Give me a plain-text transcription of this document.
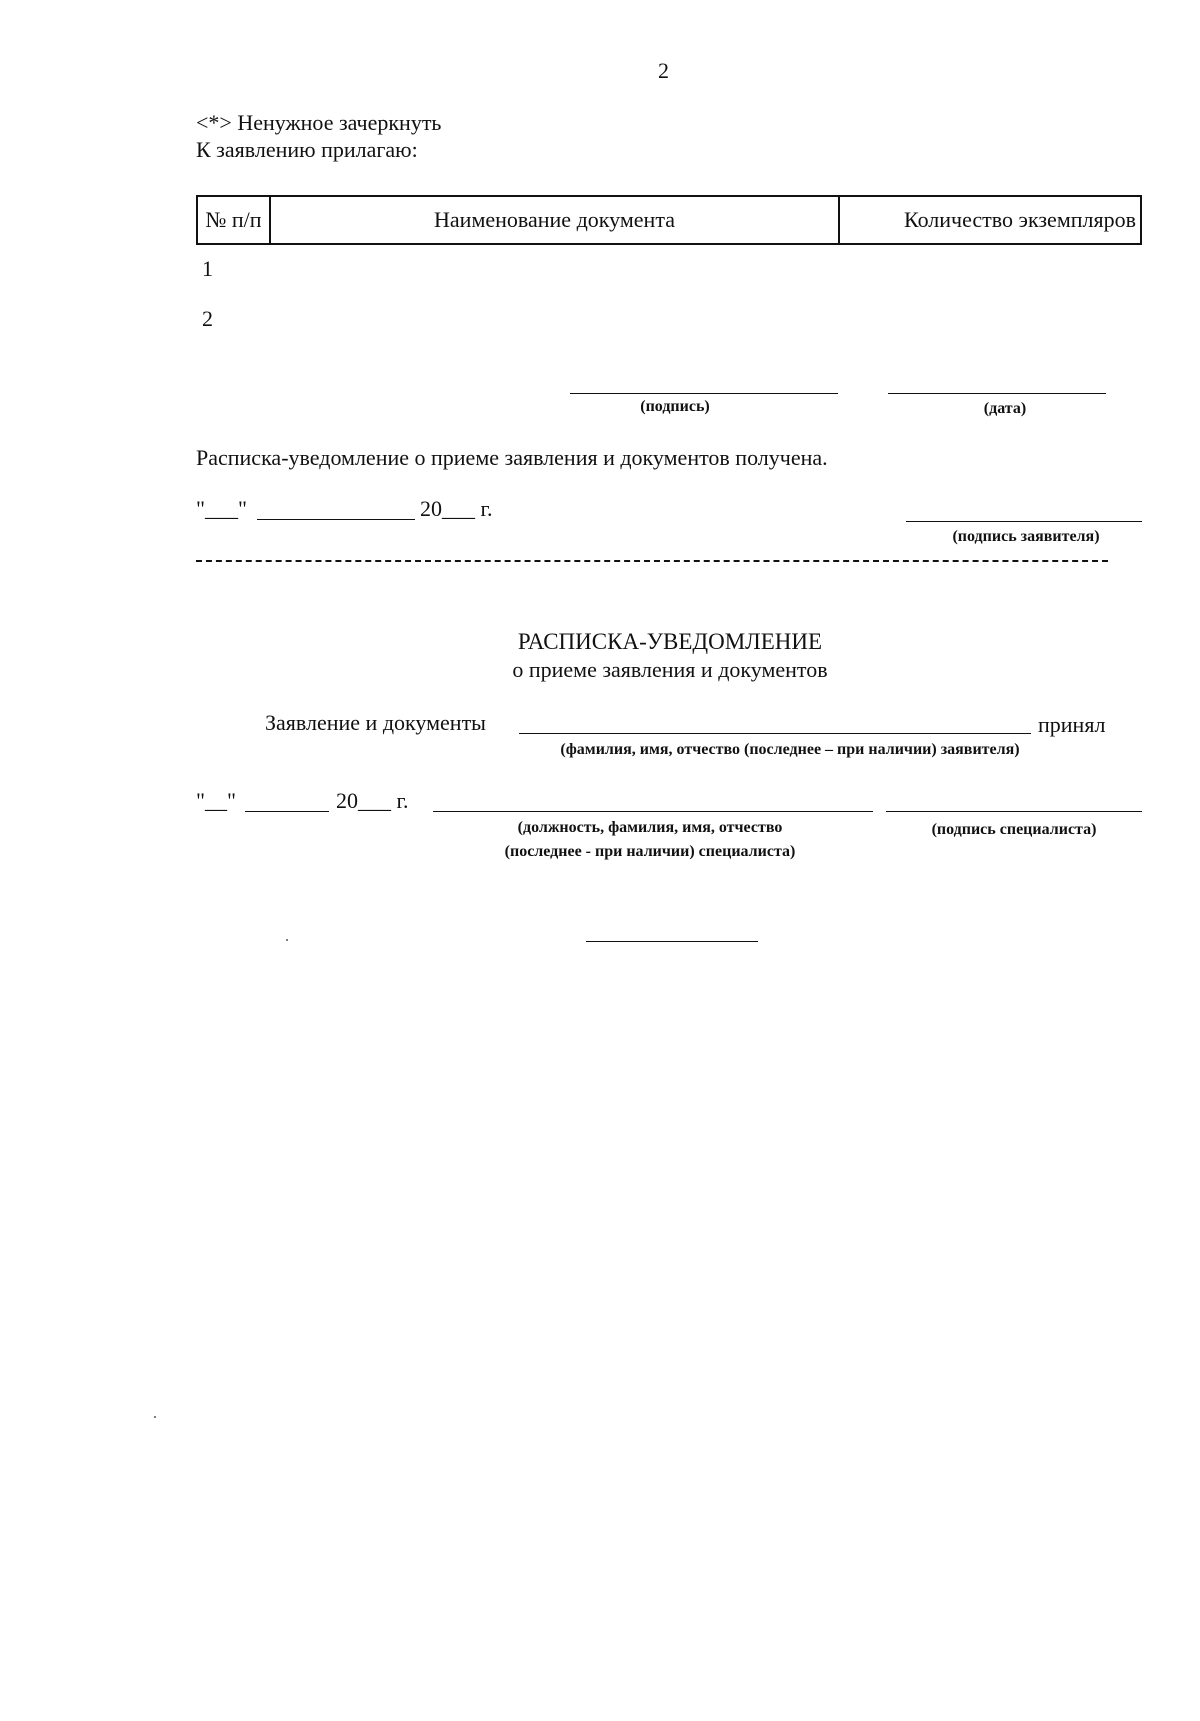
2
<*> Ненужное зачеркнуть
К заявлению прилагаю:
№ п/п	Наименование документа	Количество экземпляров
1
2
(подпись)	(дата)
Расписка-уведомление о приеме заявления и документов получена.
"___"	20___ г.
(подпись заявителя)
РАСПИСКА-УВЕДОМЛЕНИЕ
о приеме заявления и документов
Заявление и документы	принял
(фамилия, имя, отчество (последнее – при наличии) заявителя)
"__"	20___ г.
(должность, фамилия, имя, отчество
(последнее - при наличии) специалиста)
(подпись специалиста)
